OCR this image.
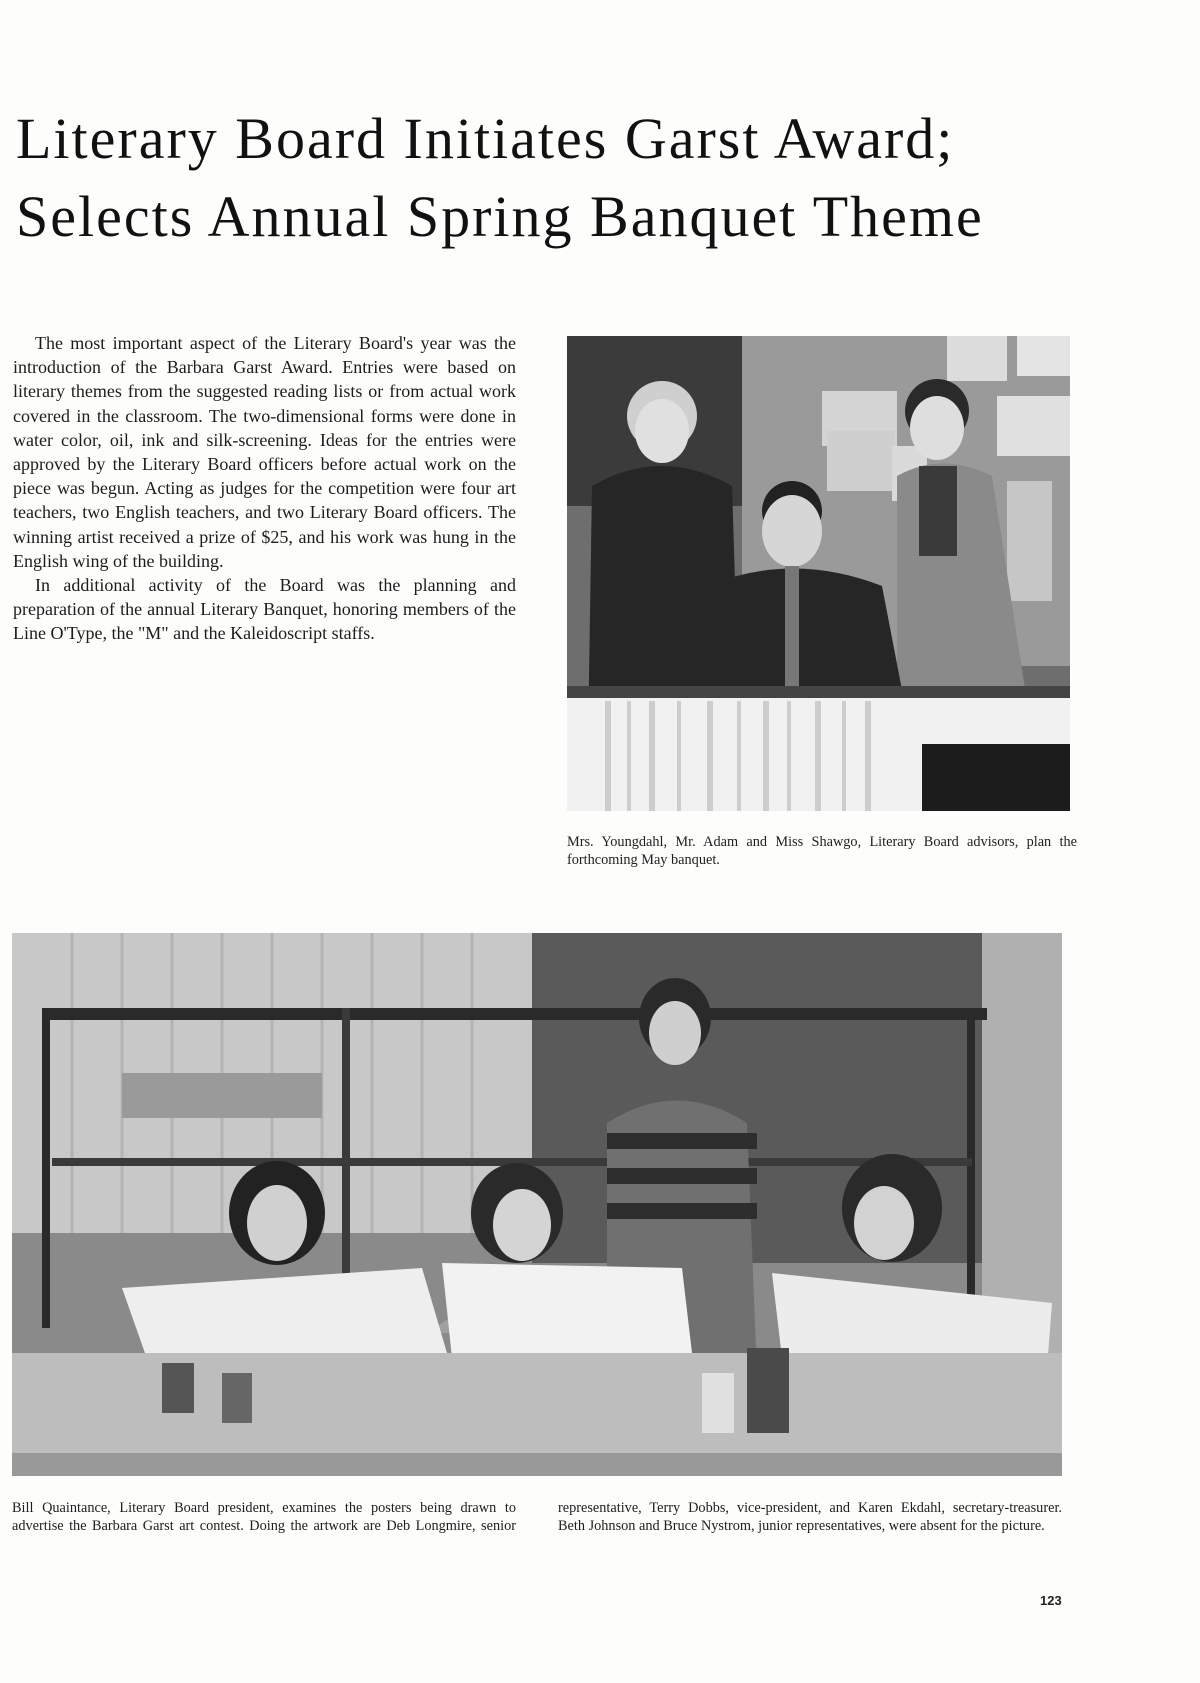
Literary Board Initiates Garst Award;
Selects Annual Spring Banquet Theme

The most important aspect of the Literary Board's year was the introduction of the Barbara Garst Award. Entries were based on literary themes from the suggested reading lists or from actual work covered in the classroom. The two-dimensional forms were done in water color, oil, ink and silk-screening. Ideas for the entries were approved by the Literary Board officers before actual work on the piece was begun. Acting as judges for the competition were four art teachers, two English teachers, and two Literary Board officers. The winning artist received a prize of $25, and his work was hung in the English wing of the building.

In additional activity of the Board was the planning and preparation of the annual Literary Banquet, honoring members of the Line O'Type, the "M" and the Kaleidoscript staffs.

Mrs. Youngdahl, Mr. Adam and Miss Shawgo, Literary Board advisors, plan the forthcoming May banquet.
Bill Quaintance, Literary Board president, examines the posters being drawn to advertise the Barbara Garst art contest. Doing the artwork are Deb Longmire, senior representative, Terry Dobbs, vice-president, and Karen Ekdahl, secretary-treasurer. Beth Johnson and Bruce Nystrom, junior representatives, were absent for the picture.
123
